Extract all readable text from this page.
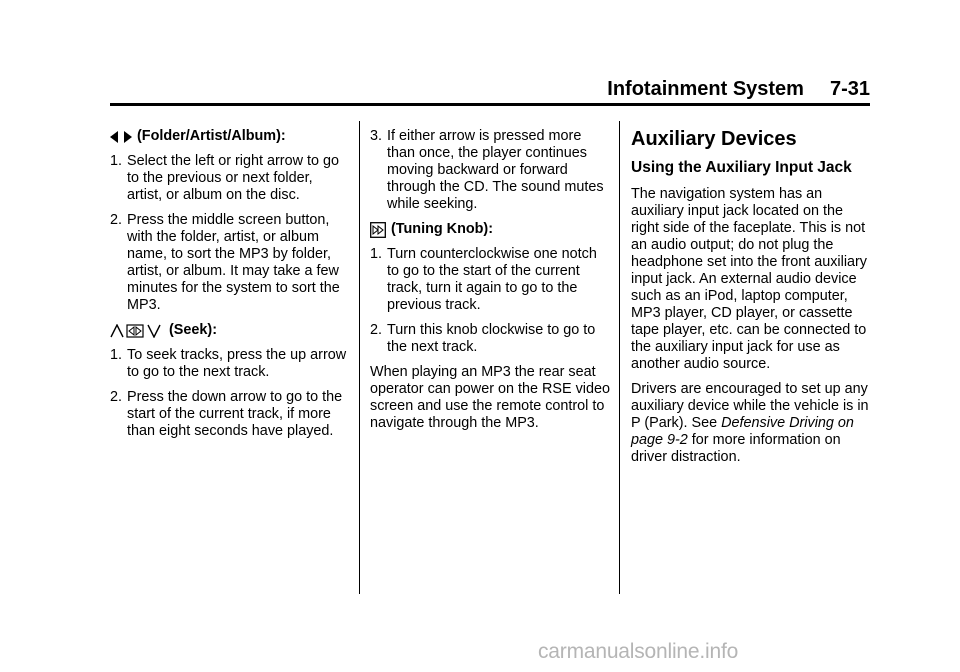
Infotainment System 7-31
(Folder/Artist/Album):
1. Select the left or right arrow to go to the previous or next folder, artist, or album on the disc.
2. Press the middle screen button, with the folder, artist, or album name, to sort the MP3 by folder, artist, or album. It may take a few minutes for the system to sort the MP3.
(Seek):
1. To seek tracks, press the up arrow to go to the next track.
2. Press the down arrow to go to the start of the current track, if more than eight seconds have played.
3. If either arrow is pressed more than once, the player continues moving backward or forward through the CD. The sound mutes while seeking.
(Tuning Knob):
1. Turn counterclockwise one notch to go to the start of the current track, turn it again to go to the previous track.
2. Turn this knob clockwise to go to the next track.

When playing an MP3 the rear seat operator can power on the RSE video screen and use the remote control to navigate through the MP3.

Auxiliary Devices
Using the Auxiliary Input Jack

The navigation system has an auxiliary input jack located on the right side of the faceplate. This is not an audio output; do not plug the headphone set into the front auxiliary input jack. An external audio device such as an iPod, laptop computer, MP3 player, CD player, or cassette tape player, etc. can be connected to the auxiliary input jack for use as another audio source.

Drivers are encouraged to set up any auxiliary device while the vehicle is in P (Park). See Defensive Driving on page 9-2 for more information on driver distraction.

carmanualsonline.info
